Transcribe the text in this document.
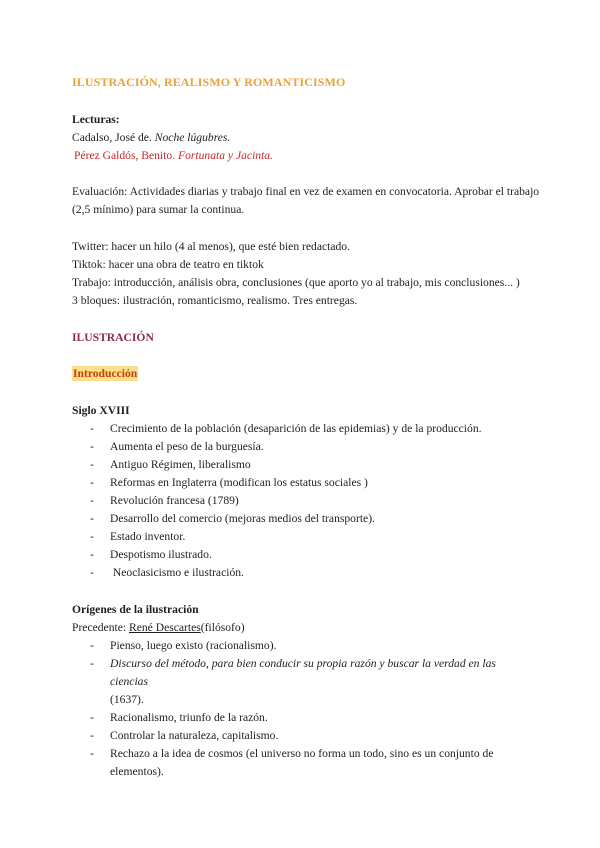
ILUSTRACIÓN, REALISMO Y ROMANTICISMO
Lecturas:
Cadalso, José de. Noche lúgubres.
Pérez Galdós, Benito. Fortunata y Jacinta.
Evaluación: Actividades diarias y trabajo final en vez de examen en convocatoria. Aprobar el trabajo
(2,5 mínimo) para sumar la continua.
Twitter: hacer un hilo (4 al menos), que esté bien redactado.
Tiktok: hacer una obra de teatro en tiktok
Trabajo: introducción, análisis obra, conclusiones (que aporto yo al trabajo, mis conclusiones... )
3 bloques: ilustración, romanticismo, realismo. Tres entregas.
ILUSTRACIÓN
Introducción
Siglo XVIII
- Crecimiento de la población (desaparición de las epidemias) y de la producción.
- Aumenta el peso de la burguesía.
- Antiguo Régimen, liberalismo
- Reformas en Inglaterra (modifican los estatus sociales )
- Revolución francesa (1789)
- Desarrollo del comercio (mejoras medios del transporte).
- Estado inventor.
- Despotismo ilustrado.
-  Neoclasicismo e ilustración.
Orígenes de la ilustración
Precedente: René Descartes(filósofo)
- Pienso, luego existo (racionalismo).
- Discurso del método, para bien conducir su propia razón y buscar la verdad en las ciencias
(1637).
- Racionalismo, triunfo de la razón.
- Controlar la naturaleza, capitalismo.
- Rechazo a la idea de cosmos (el universo no forma un todo, sino es un conjunto de
elementos).
